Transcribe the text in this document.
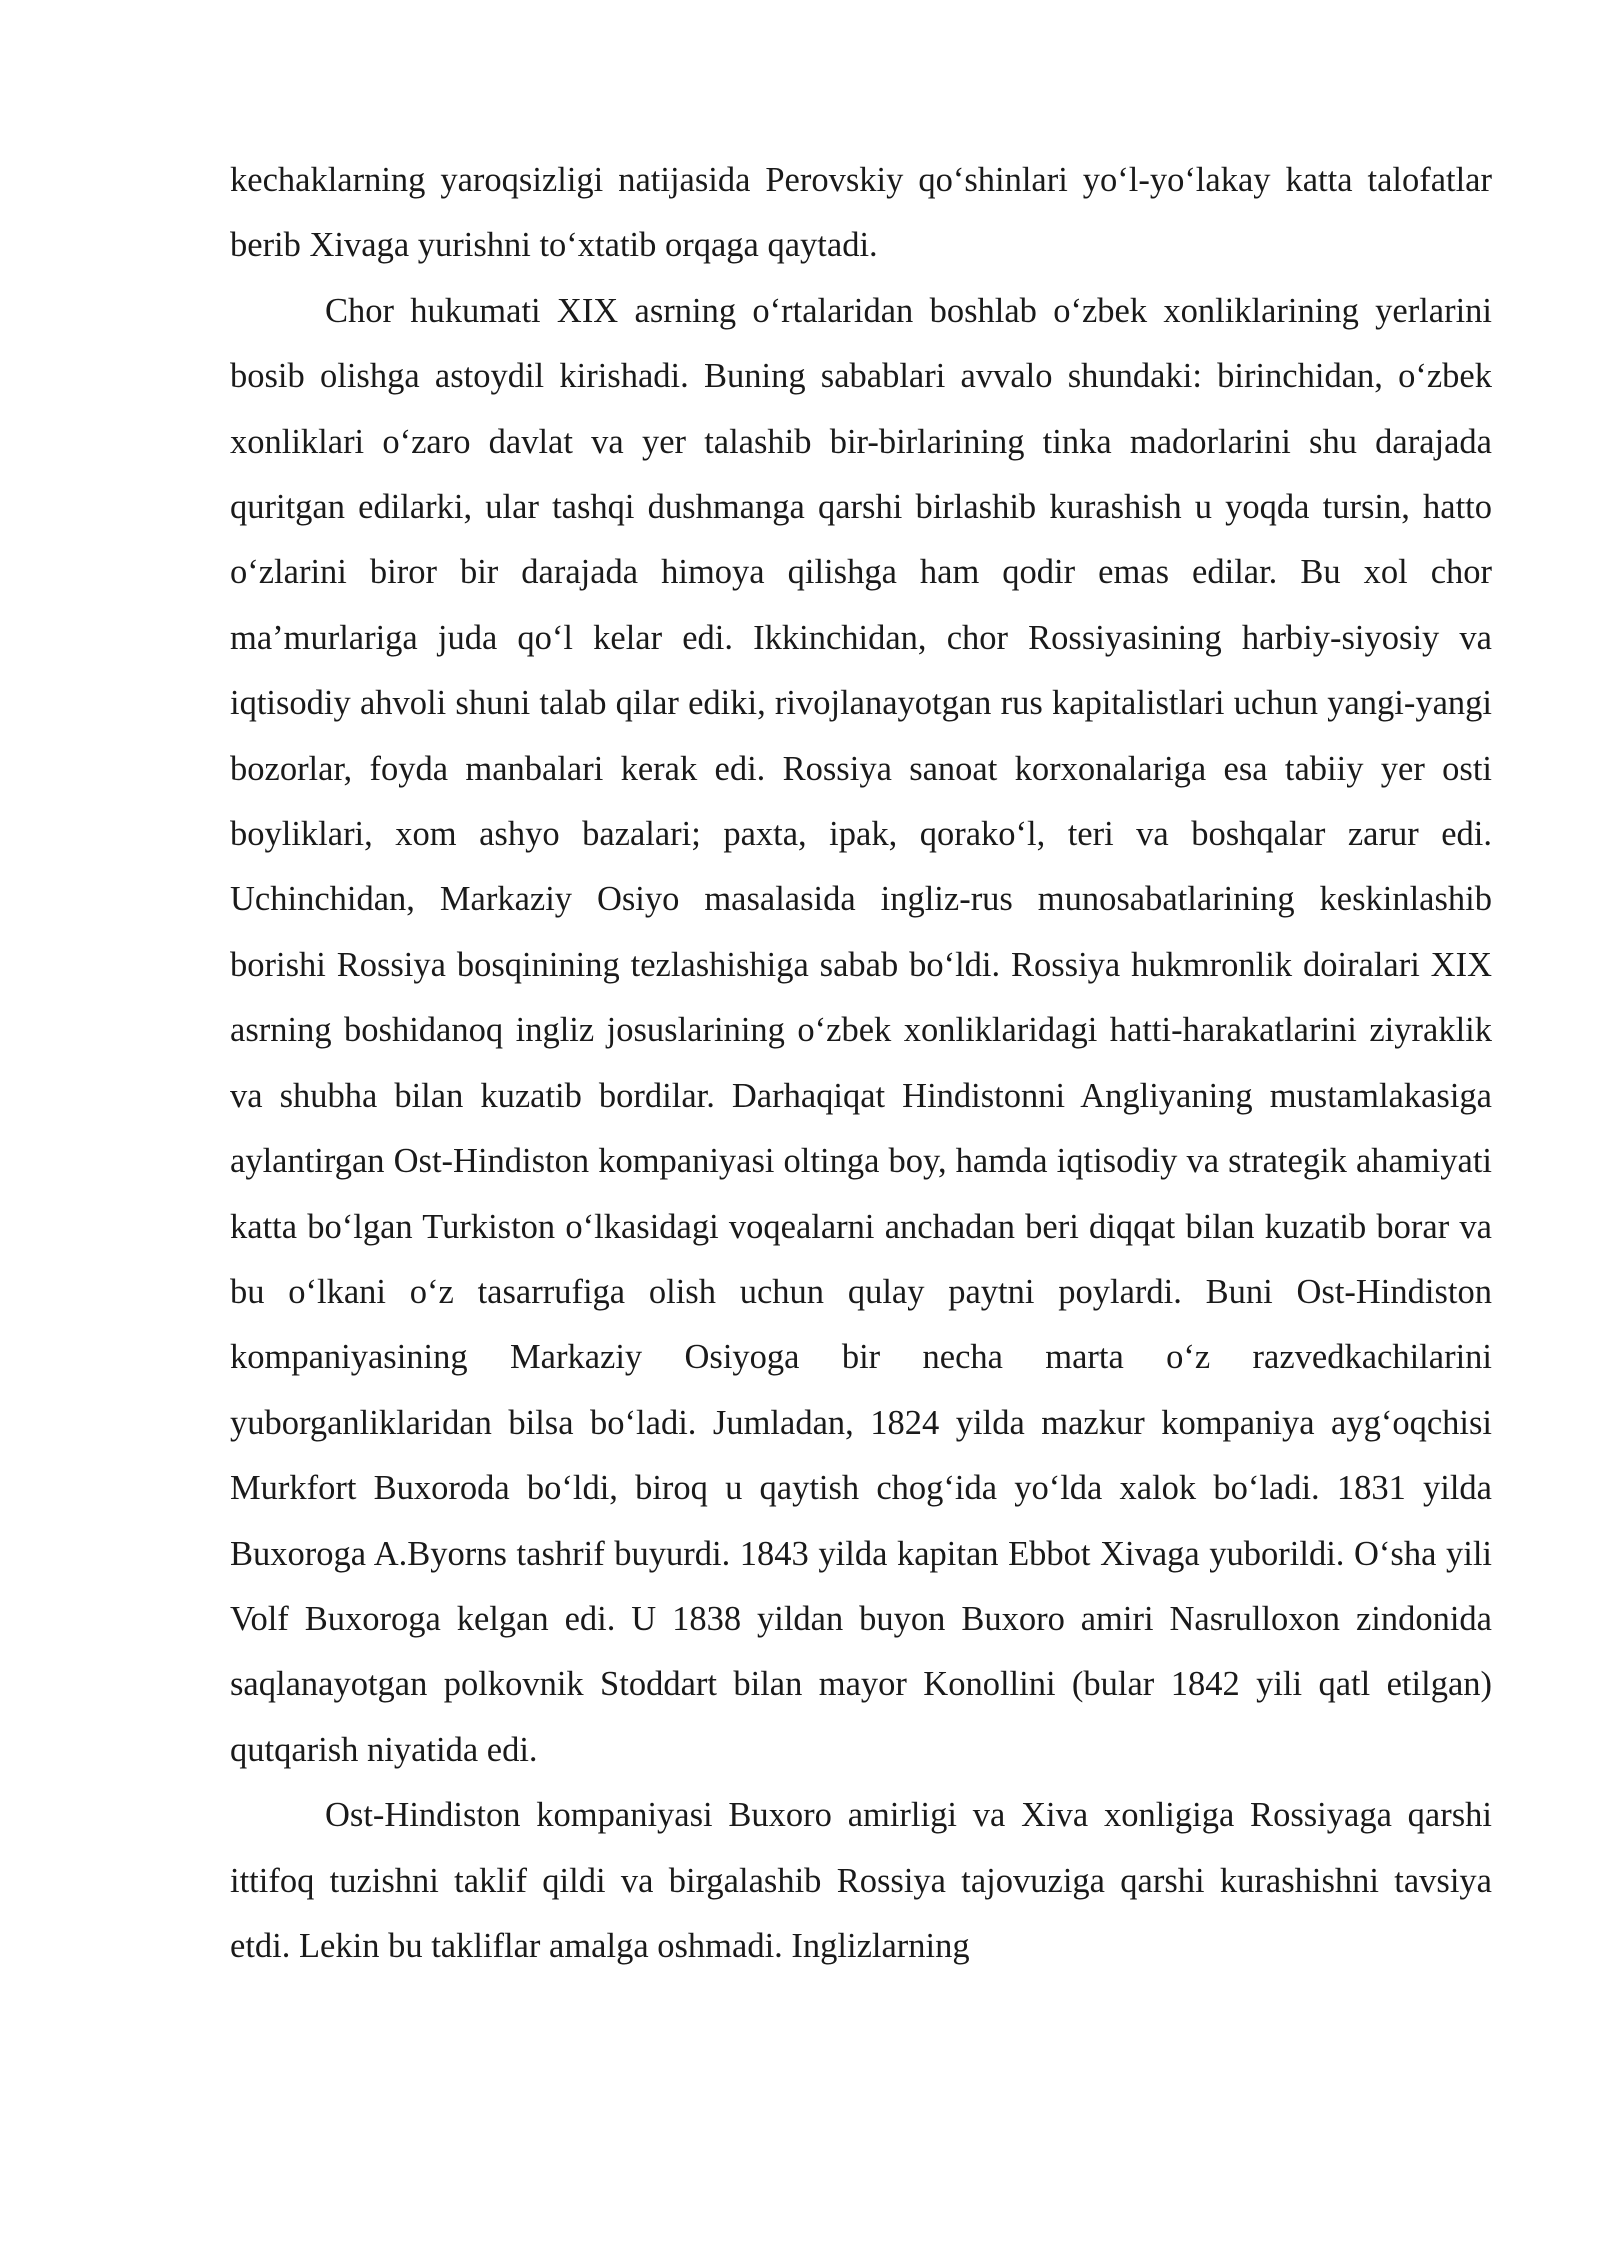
kechaklarning yaroqsizligi natijasida Perovskiy qo‘shinlari yo‘l-yo‘lakay katta talofatlar berib Xivaga yurishni to‘xtatib orqaga qaytadi.

Chor hukumati XIX asrning o‘rtalaridan boshlab o‘zbek xonliklarining yerlarini bosib olishga astoydil kirishadi. Buning sabablari avvalo shundaki: birinchidan, o‘zbek xonliklari o‘zaro davlat va yer talashib bir-birlarining tinka madorlarini shu darajada quritgan edilarki, ular tashqi dushmanga qarshi birlashib kurashish u yoqda tursin, hatto o‘zlarini biror bir darajada himoya qilishga ham qodir emas edilar. Bu xol chor ma’murlariga juda qo‘l kelar edi. Ikkinchidan, chor Rossiyasining harbiy-siyosiy va iqtisodiy ahvoli shuni talab qilar ediki, rivojlanayotgan rus kapitalistlari uchun yangi-yangi bozorlar, foyda manbalari kerak edi. Rossiya sanoat korxonalariga esa tabiiy yer osti boyliklari, xom ashyo bazalari; paxta, ipak, qorako‘l, teri va boshqalar zarur edi. Uchinchidan, Markaziy Osiyo masalasida ingliz-rus munosabatlarining keskinlashib borishi Rossiya bosqinining tezlashishiga sabab bo‘ldi. Rossiya hukmronlik doiralari XIX asrning boshidanoq ingliz josuslarining o‘zbek xonliklaridagi hatti-harakatlarini ziyraklik va shubha bilan kuzatib bordilar. Darhaqiqat Hindistonni Angliyaning mustamlakasiga aylantirgan Ost-Hindiston kompaniyasi oltinga boy, hamda iqtisodiy va strategik ahamiyati katta bo‘lgan Turkiston o‘lkasidagi voqealarni anchadan beri diqqat bilan kuzatib borar va bu o‘lkani o‘z tasarrufiga olish uchun qulay paytni poylardi. Buni Ost-Hindiston kompaniyasining Markaziy Osiyoga bir necha marta o‘z razvedkachilarini yuborganliklaridan bilsa bo‘ladi. Jumladan, 1824 yilda mazkur kompaniya ayg‘oqchisi Murkfort Buxoroda bo‘ldi, biroq u qaytish chog‘ida yo‘lda xalok bo‘ladi. 1831 yilda Buxoroga A.Byorns tashrif buyurdi. 1843 yilda kapitan Ebbot Xivaga yuborildi. O‘sha yili Volf Buxoroga kelgan edi. U 1838 yildan buyon Buxoro amiri Nasrulloxon zindonida saqlanayotgan polkovnik Stoddart bilan mayor Konollini (bular 1842 yili qatl etilgan) qutqarish niyatida edi.

Ost-Hindiston kompaniyasi Buxoro amirligi va Xiva xonligiga Rossiyaga qarshi ittifoq tuzishni taklif qildi va birgalashib Rossiya tajovuziga qarshi kurashishni tavsiya etdi. Lekin bu takliflar amalga oshmadi. Inglizlarning
